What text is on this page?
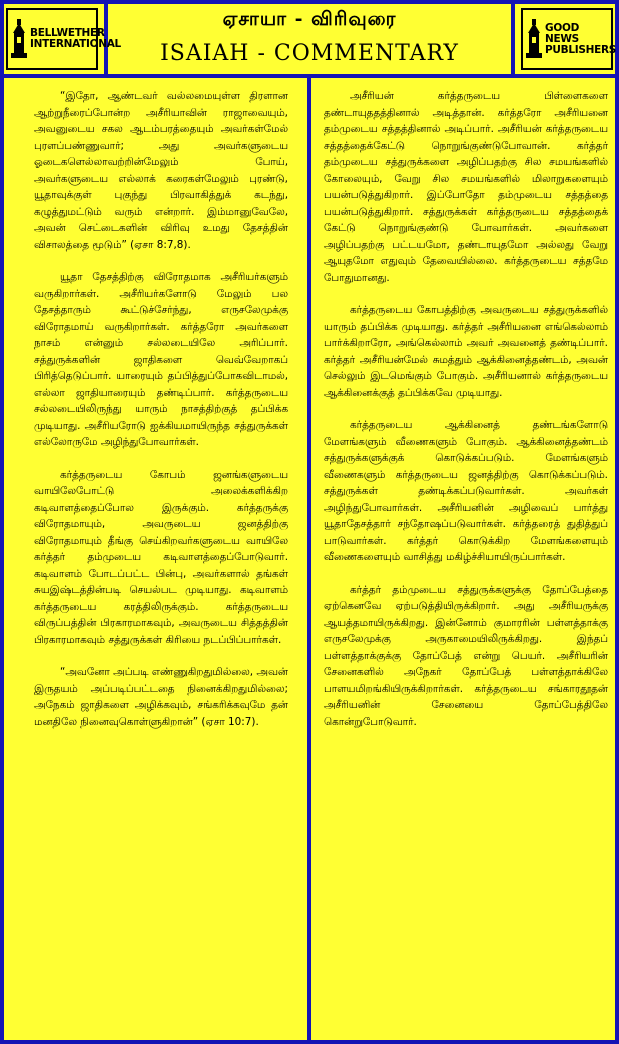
BELLWETHER
INTERNATIONAL
ஏசாயா - விரிவுரை
ISAIAH - COMMENTARY
GOOD NEWS
PUBLISHERS

“இதோ, ஆண்டவர் வல்லமையுள்ள திரளான ஆற்றுநீரைப்போன்ற அசீரியாவின் ராஜாவையும், அவனுடைய சகல ஆடம்பரத்தையும் அவர்கள்மேல் புரளப்பண்ணுவார்; அது அவர்களுடைய ஓடைகளெல்லாவற்றின்மேலும் போய், அவர்களுடைய எல்லாக் கரைகள்மேலும் புரண்டு, யூதாவுக்குள் புகுந்து பிரவாகித்துக் கடந்து, கழுத்துமட்டும் வரும் என்றார். இம்மானுவேலே, அவன் செட்டைகளின் விரிவு உமது தேசத்தின் விசாலத்தை மூடும்” (ஏசா 8:7,8).

யூதா தேசத்திற்கு விரோதமாக அசீரியர்களும் வருகிறார்கள். அசீரியர்களோடு மேலும் பல தேசத்தாரும் கூட்டுச்சேர்ந்து, எருசலேமுக்கு விரோதமாய் வருகிறார்கள். கர்த்தரோ அவர்களை நாசம் என்னும் சல்லடையிலே அரிப்பார். சத்துருக்களின் ஜாதிகளை வெவ்வேறாகப் பிரித்தெடுப்பார். யாரையும் தப்பித்துப்போகவிடாமல், எல்லா ஜாதியாரையும் தண்டிப்பார். கர்த்தருடைய சல்லடையிலிருந்து யாரும் நாசத்திற்குத் தப்பிக்க முடியாது. அசீரியரோடு ஐக்கியமாயிருந்த சத்துருக்கள் எல்லோருமே அழிந்துபோவார்கள்.

கர்த்தருடைய கோபம் ஜனங்களுடைய வாயிலேபோட்டு அலைக்களிக்கிற கடிவாளத்தைப்போல இருக்கும். கர்த்தருக்கு விரோதமாயும், அவருடைய ஜனத்திற்கு விரோதமாயும் தீங்கு செய்கிறவர்களுடைய வாயிலே கர்த்தர் தம்முடைய கடிவாளத்தைப்போடுவார். கடிவாளம் போடப்பட்ட பின்பு, அவர்களால் தங்கள் சுயஇஷ்டத்தின்படி செயல்பட முடியாது. கடிவாளம் கர்த்தருடைய கரத்திலிருக்கும். கர்த்தருடைய விருப்பத்தின் பிரகாரமாகவும், அவருடைய சித்தத்தின் பிரகாரமாகவும் சத்துருக்கள் கிரியை நடப்பிப்பார்கள்.

“அவனோ அப்படி எண்ணுகிறதுமில்லை, அவன் இருதயம் அப்படிப்பட்டதை நினைக்கிறதுமில்லை; அநேகம் ஜாதிகளை அழிக்கவும், சங்கரிக்கவுமே தன் மனதிலே நினைவுகொள்ளுகிறான்” (ஏசா 10:7).

அசீரியன் கர்த்தருடைய பிள்ளைகளை தண்டாயுததத்தினால் அடித்தான். கர்த்தரோ அசீரியனை தம்முடைய சத்தத்தினால் அடிப்பார். அசீரியன் கர்த்தருடைய சத்தத்தைக்கேட்டு நொறுங்குண்டுபோவான். கர்த்தர் தம்முடைய சத்துருக்களை அழிப்பதற்கு சில சமயங்களில் கோலையும், வேறு சில சமயங்களில் மிலாறுகளையும் பயன்படுத்துகிறார். இப்போதோ தம்முடைய சத்தத்தை பயன்படுத்துகிறார். சத்துருக்கள் கர்த்தருடைய சத்தத்தைக் கேட்டு நொறுங்குண்டு போவார்கள். அவர்களை அழிப்பதற்கு பட்டயமோ, தண்டாயுதமோ அல்லது வேறு ஆயுதமோ எதுவும் தேவையில்லை. கர்த்தருடைய சத்தமே போதுமானது.

கர்த்தருடைய கோபத்திற்கு அவருடைய சத்துருக்களில் யாரும் தப்பிக்க முடியாது. கர்த்தர் அசீரியனை எங்கெல்லாம் பார்க்கிறாரோ, அங்கெல்லாம் அவர் அவனைத் தண்டிப்பார். கர்த்தர் அசீரியன்மேல் சுமத்தும் ஆக்கினைத்தண்டம், அவன் செல்லும் இடமெங்கும் போகும். அசீரியனால் கர்த்தருடைய ஆக்கினைக்குத் தப்பிக்கவே முடியாது.

கர்த்தருடைய ஆக்கினைத் தண்டங்களோடு மேளங்களும் வீணைகளும் போகும். ஆக்கினைத்தண்டம் சத்துருக்களுக்குக் கொடுக்கப்படும். மேளங்களும் வீணைகளும் கர்த்தருடைய ஜனத்திற்கு கொடுக்கப்படும். சத்துருக்கள் தண்டிக்கப்படுவார்கள். அவர்கள் அழிந்துபோவார்கள். அசீரியனின் அழிவைப் பார்த்து யூதாதேசத்தார் சந்தோஷப்படுவார்கள். கர்த்தரைத் துதித்துப் பாடுவார்கள். கர்த்தர் கொடுக்கிற மேளங்களையும் வீணைகளையும் வாசித்து மகிழ்ச்சியாயிருப்பார்கள்.

கர்த்தர் தம்முடைய சத்துருக்களுக்கு தோப்பேத்தை ஏற்கெனவே ஏற்படுத்தியிருக்கிறார். அது அசீரியருக்கு ஆயத்தமாயிருக்கிறது. இன்னோம் குமாரரின் பள்ளத்தாக்கு எருசலேமுக்கு அருகாமையிலிருக்கிறது. இந்தப் பள்ளத்தாக்குக்கு தோப்பேத் என்று பெயர். அசீரியரின் சேனைகளில் அநேகர் தோப்பேத் பள்ளத்தாக்கிலே பாளயமிறங்கியிருக்கிறார்கள். கர்த்தருடைய சங்காரதூதன் அசீரியனின் சேனையை தோப்பேத்திலே கொன்றுபோடுவார்.
